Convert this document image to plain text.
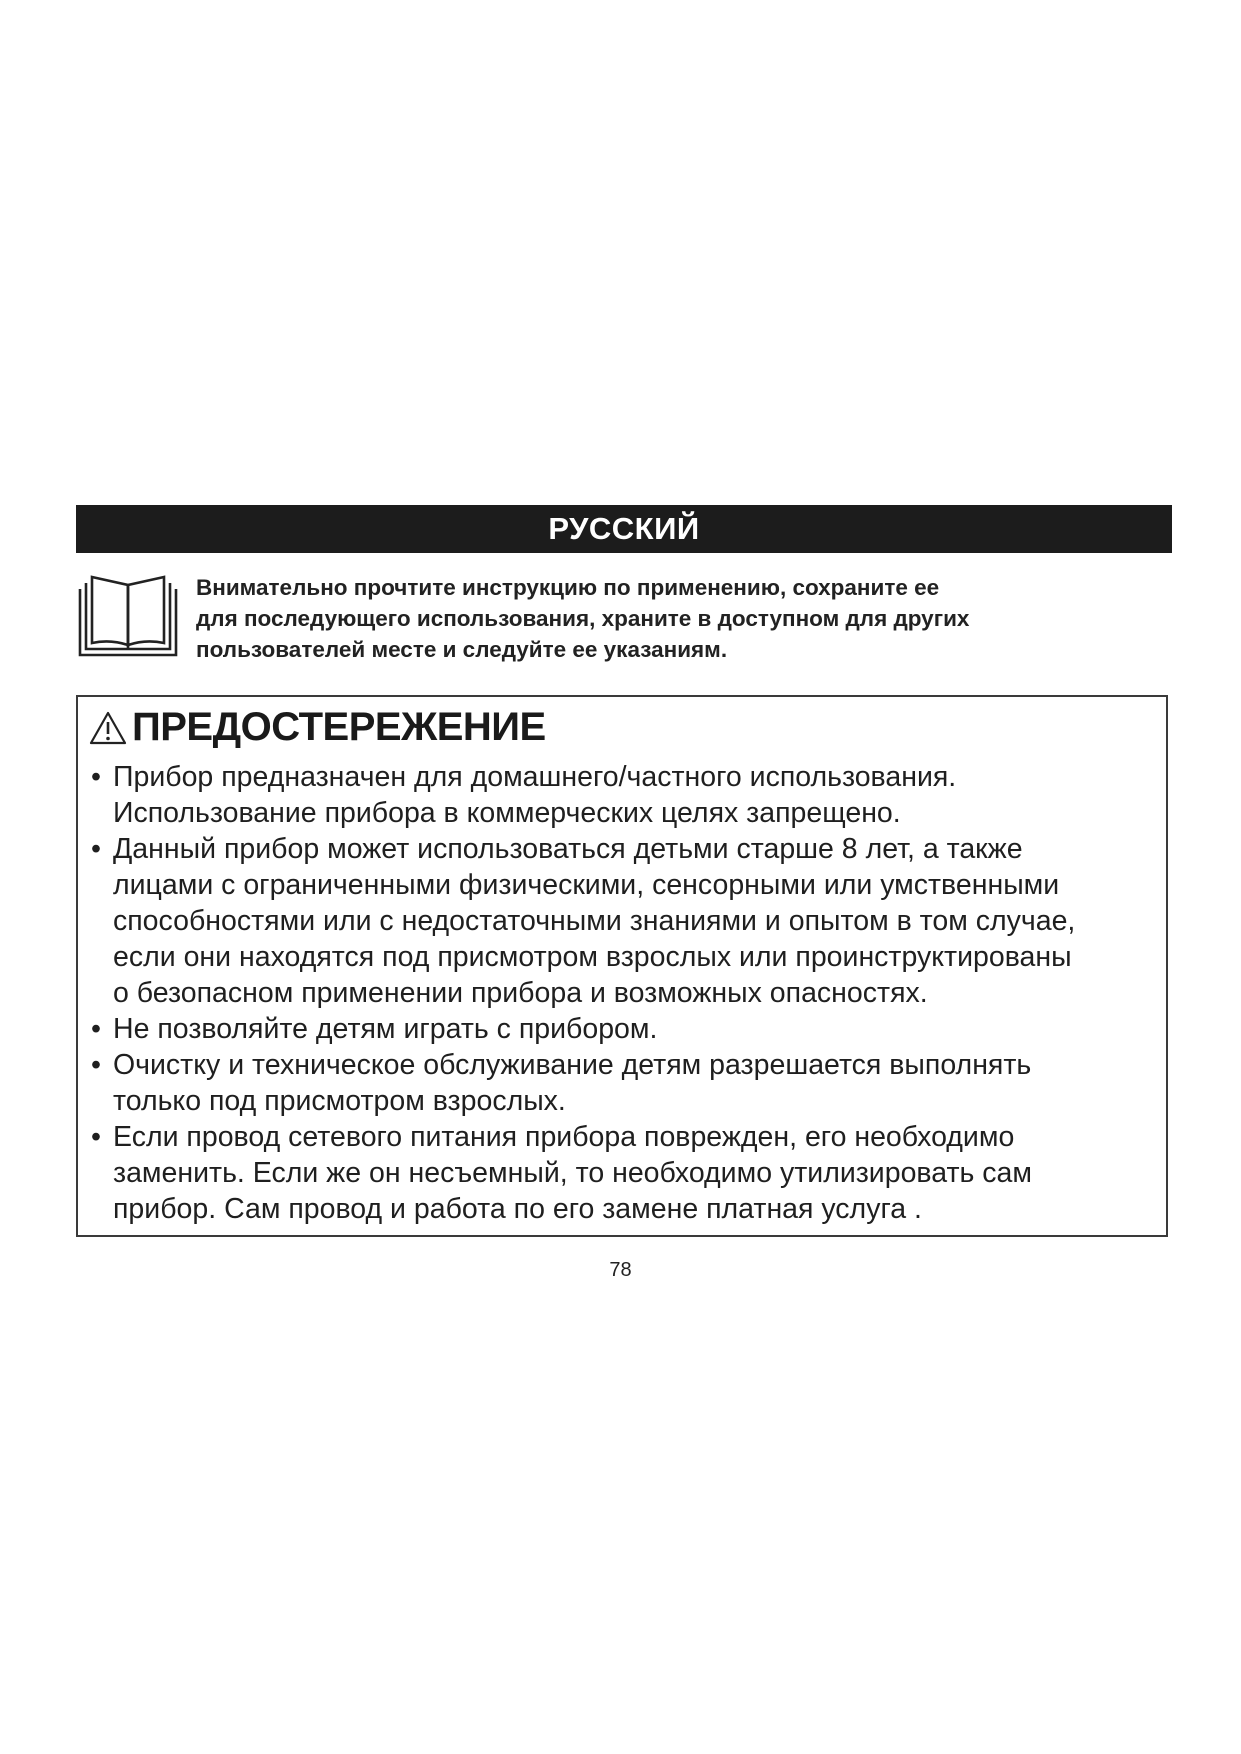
РУССКИЙ
Внимательно прочтите инструкцию по применению, сохраните ее
для последующего использования, храните в доступном для других
пользователей месте и следуйте ее указаниям.
ПРЕДОСТЕРЕЖЕНИЕ
• Прибор предназначен для домашнего/частного использования.
Использование прибора в коммерческих целях запрещено.
• Данный прибор может использоваться детьми старше 8 лет, а также
лицами с ограниченными физическими, сенсорными или умственными
способностями или с недостаточными знаниями и опытом в том случае,
если они находятся под присмотром взрослых или проинструктированы
о безопасном применении прибора и возможных опасностях.
• Не позволяйте детям играть с прибором.
• Очистку и техническое обслуживание детям разрешается выполнять
только под присмотром взрослых.
• Если провод сетевого питания прибора поврежден, его необходимо
заменить. Если же он несъемный, то необходимо утилизировать сам
прибор. Сам провод и работа по его замене платная услуга .
78
